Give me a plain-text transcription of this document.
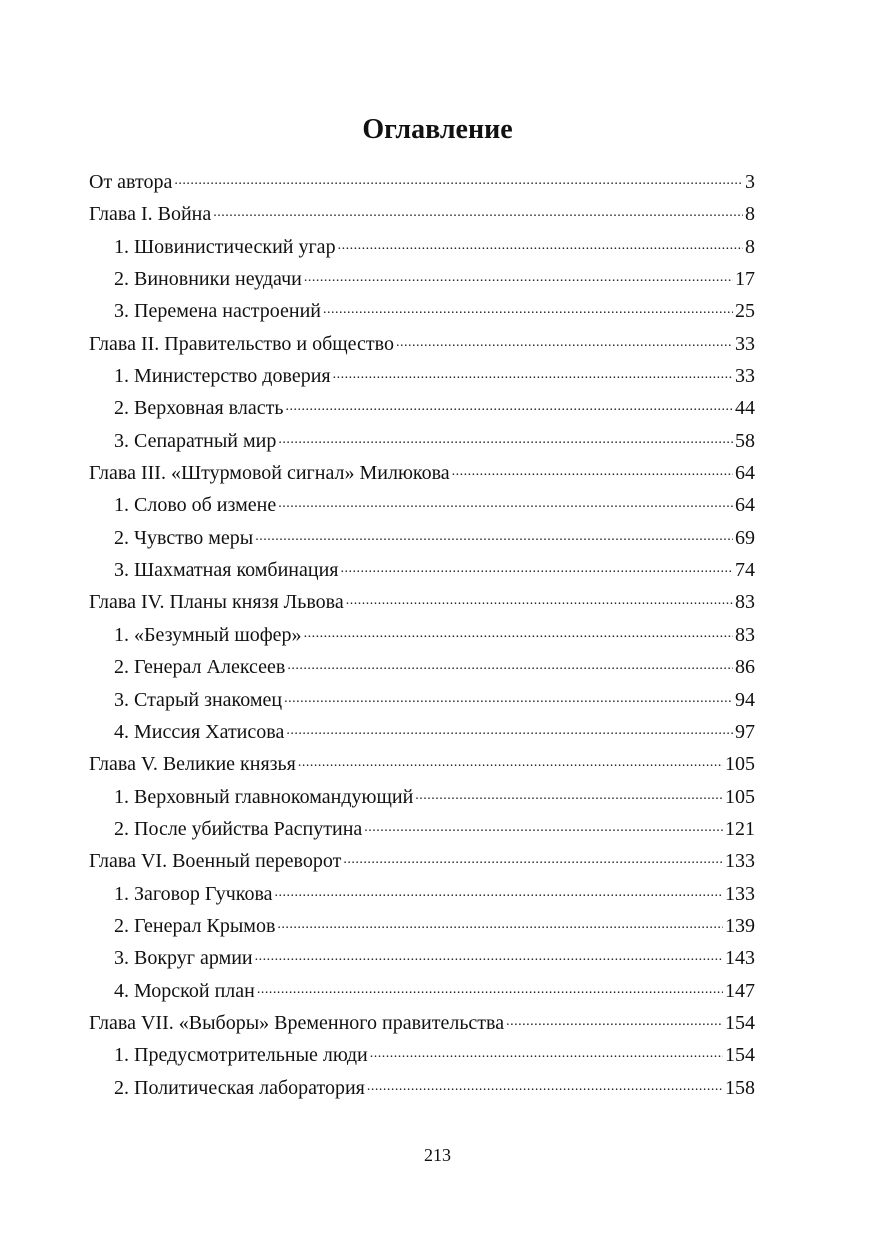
Оглавление
От автора .....	3
Глава I. Война .....	8
1. Шовинистический угар .....	8
2. Виновники неудачи .....	17
3. Перемена настроений .....	25
Глава II. Правительство и общество .....	33
1. Министерство доверия .....	33
2. Верховная власть .....	44
3. Сепаратный мир .....	58
Глава III. «Штурмовой сигнал» Милюкова .....	64
1. Слово об измене .....	64
2. Чувство меры .....	69
3. Шахматная комбинация .....	74
Глава IV. Планы князя Львова .....	83
1. «Безумный шофер» .....	83
2. Генерал Алексеев .....	86
3. Старый знакомец .....	94
4. Миссия Хатисова .....	97
Глава V. Великие князья .....	105
1. Верховный главнокомандующий .....	105
2. После убийства Распутина .....	121
Глава VI. Военный переворот .....	133
1. Заговор Гучкова .....	133
2. Генерал Крымов .....	139
3. Вокруг армии .....	143
4. Морской план .....	147
Глава VII. «Выборы» Временного правительства .....	154
1. Предусмотрительные люди .....	154
2. Политическая лаборатория .....	158
213
